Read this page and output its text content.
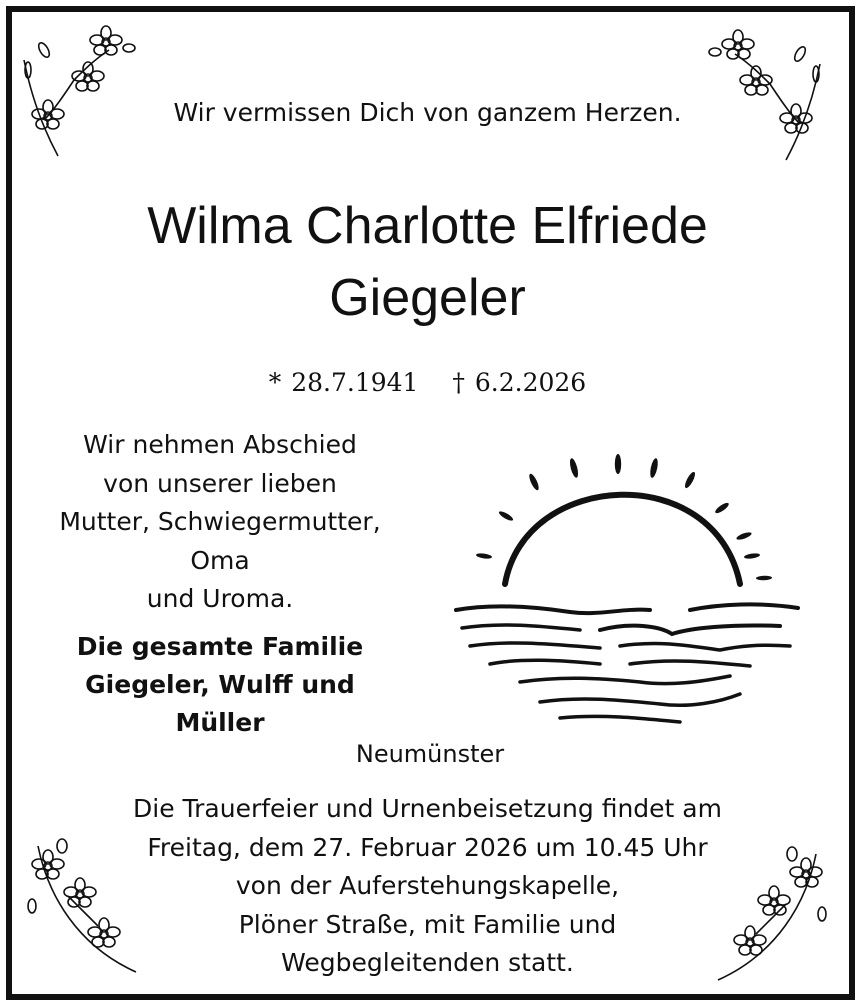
Wir vermissen Dich von ganzem Herzen.
Wilma Charlotte Elfriede
Giegeler
* 28.7.1941 † 6.2.2026
Wir nehmen Abschied
von unserer lieben
Mutter, Schwiegermutter,
Oma
und Uroma.
Die gesamte Familie
Giegeler, Wulff und
Müller
Neumünster
Die Trauerfeier und Urnenbeisetzung findet am
Freitag, dem 27. Februar 2026 um 10.45 Uhr
von der Auferstehungskapelle,
Plöner Straße, mit Familie und
Wegbegleitenden statt.
